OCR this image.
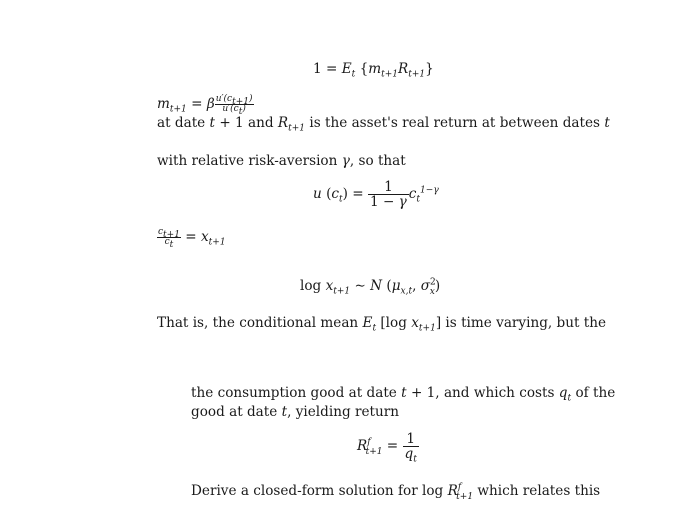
$1 = E_t$ $\{m_{t+1}R_{t+1}\}$
$m_{t+1} = \beta \frac{u'(c_{t+1})}{u'(c_t)}$
at date t + 1 and $R_{t+1}$ is the asset's real return at between dates t
with relative risk-aversion γ, so that
u $(c_t) = \frac{1}{1 - \gamma} c_t^{1-\gamma}$
$\frac{c_{t+1}}{c_t} = x_{t+1}$
$\log x_{t+1}$ ∼ N ($\mu_{x,t}$, $\sigma^2_x$)
That is, the conditional mean $E_t$ [log $x_{t+1}$] is time varying, but the
the consumption good at date t + 1, and which costs $q_t$ of the
good at date t, yielding return
$R^f_{t+1} = \frac{1}{q_t}$
Derive a closed-form solution for $\log R^f_{t+1}$ which relates this
